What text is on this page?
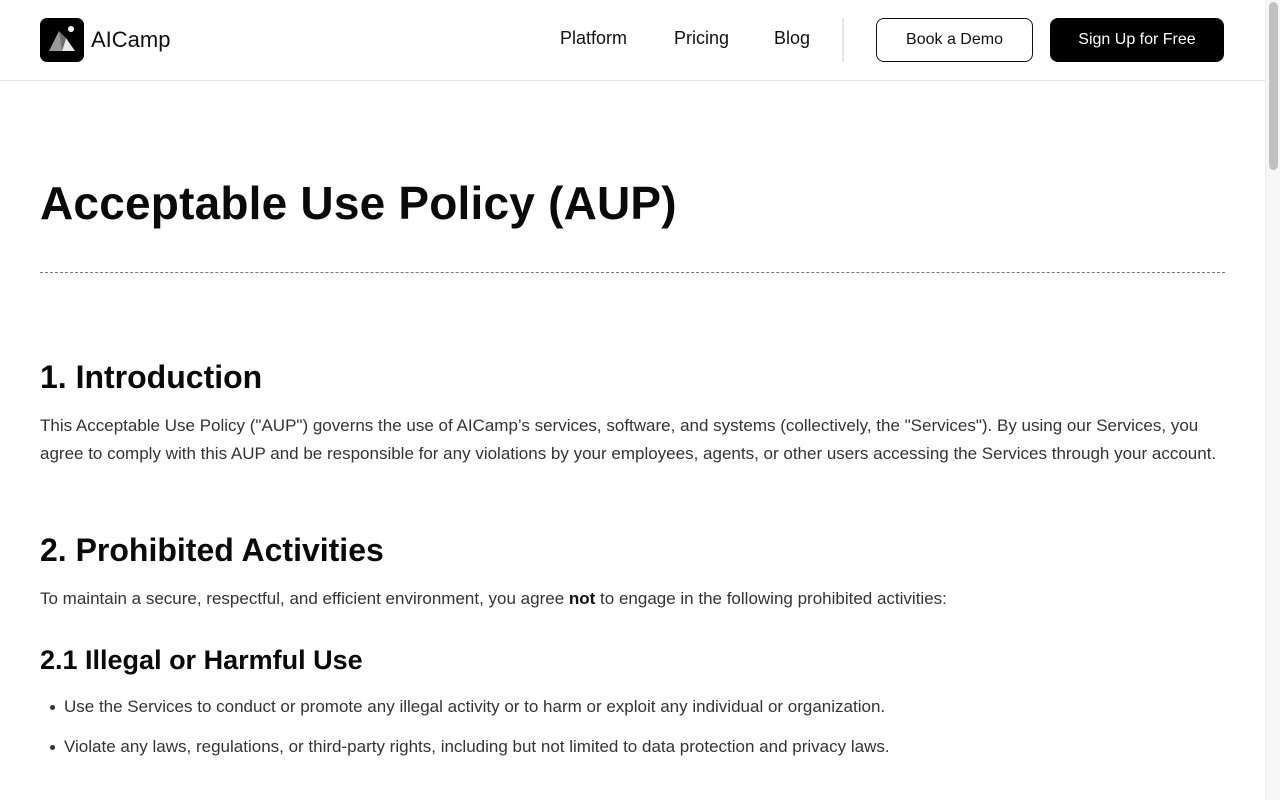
AICamp	Platform	Pricing Blog	Book a Demo	Sign Up for Free
Acceptable Use Policy (AUP)
1. Introduction

This Acceptable Use Policy ("AUP") governs the use of AICamp’s services, software, and systems (collectively, the "Services"). By using our Services, you agree to comply with this AUP and be responsible for any violations by your employees, agents, or other users accessing the Services through your account.

2. Prohibited Activities

To maintain a secure, respectful, and efficient environment, you agree not to engage in the following prohibited activities:

2.1 Illegal or Harmful Use
Use the Services to conduct or promote any illegal activity or to harm or exploit any individual or organization.
Violate any laws, regulations, or third-party rights, including but not limited to data protection and privacy laws.
